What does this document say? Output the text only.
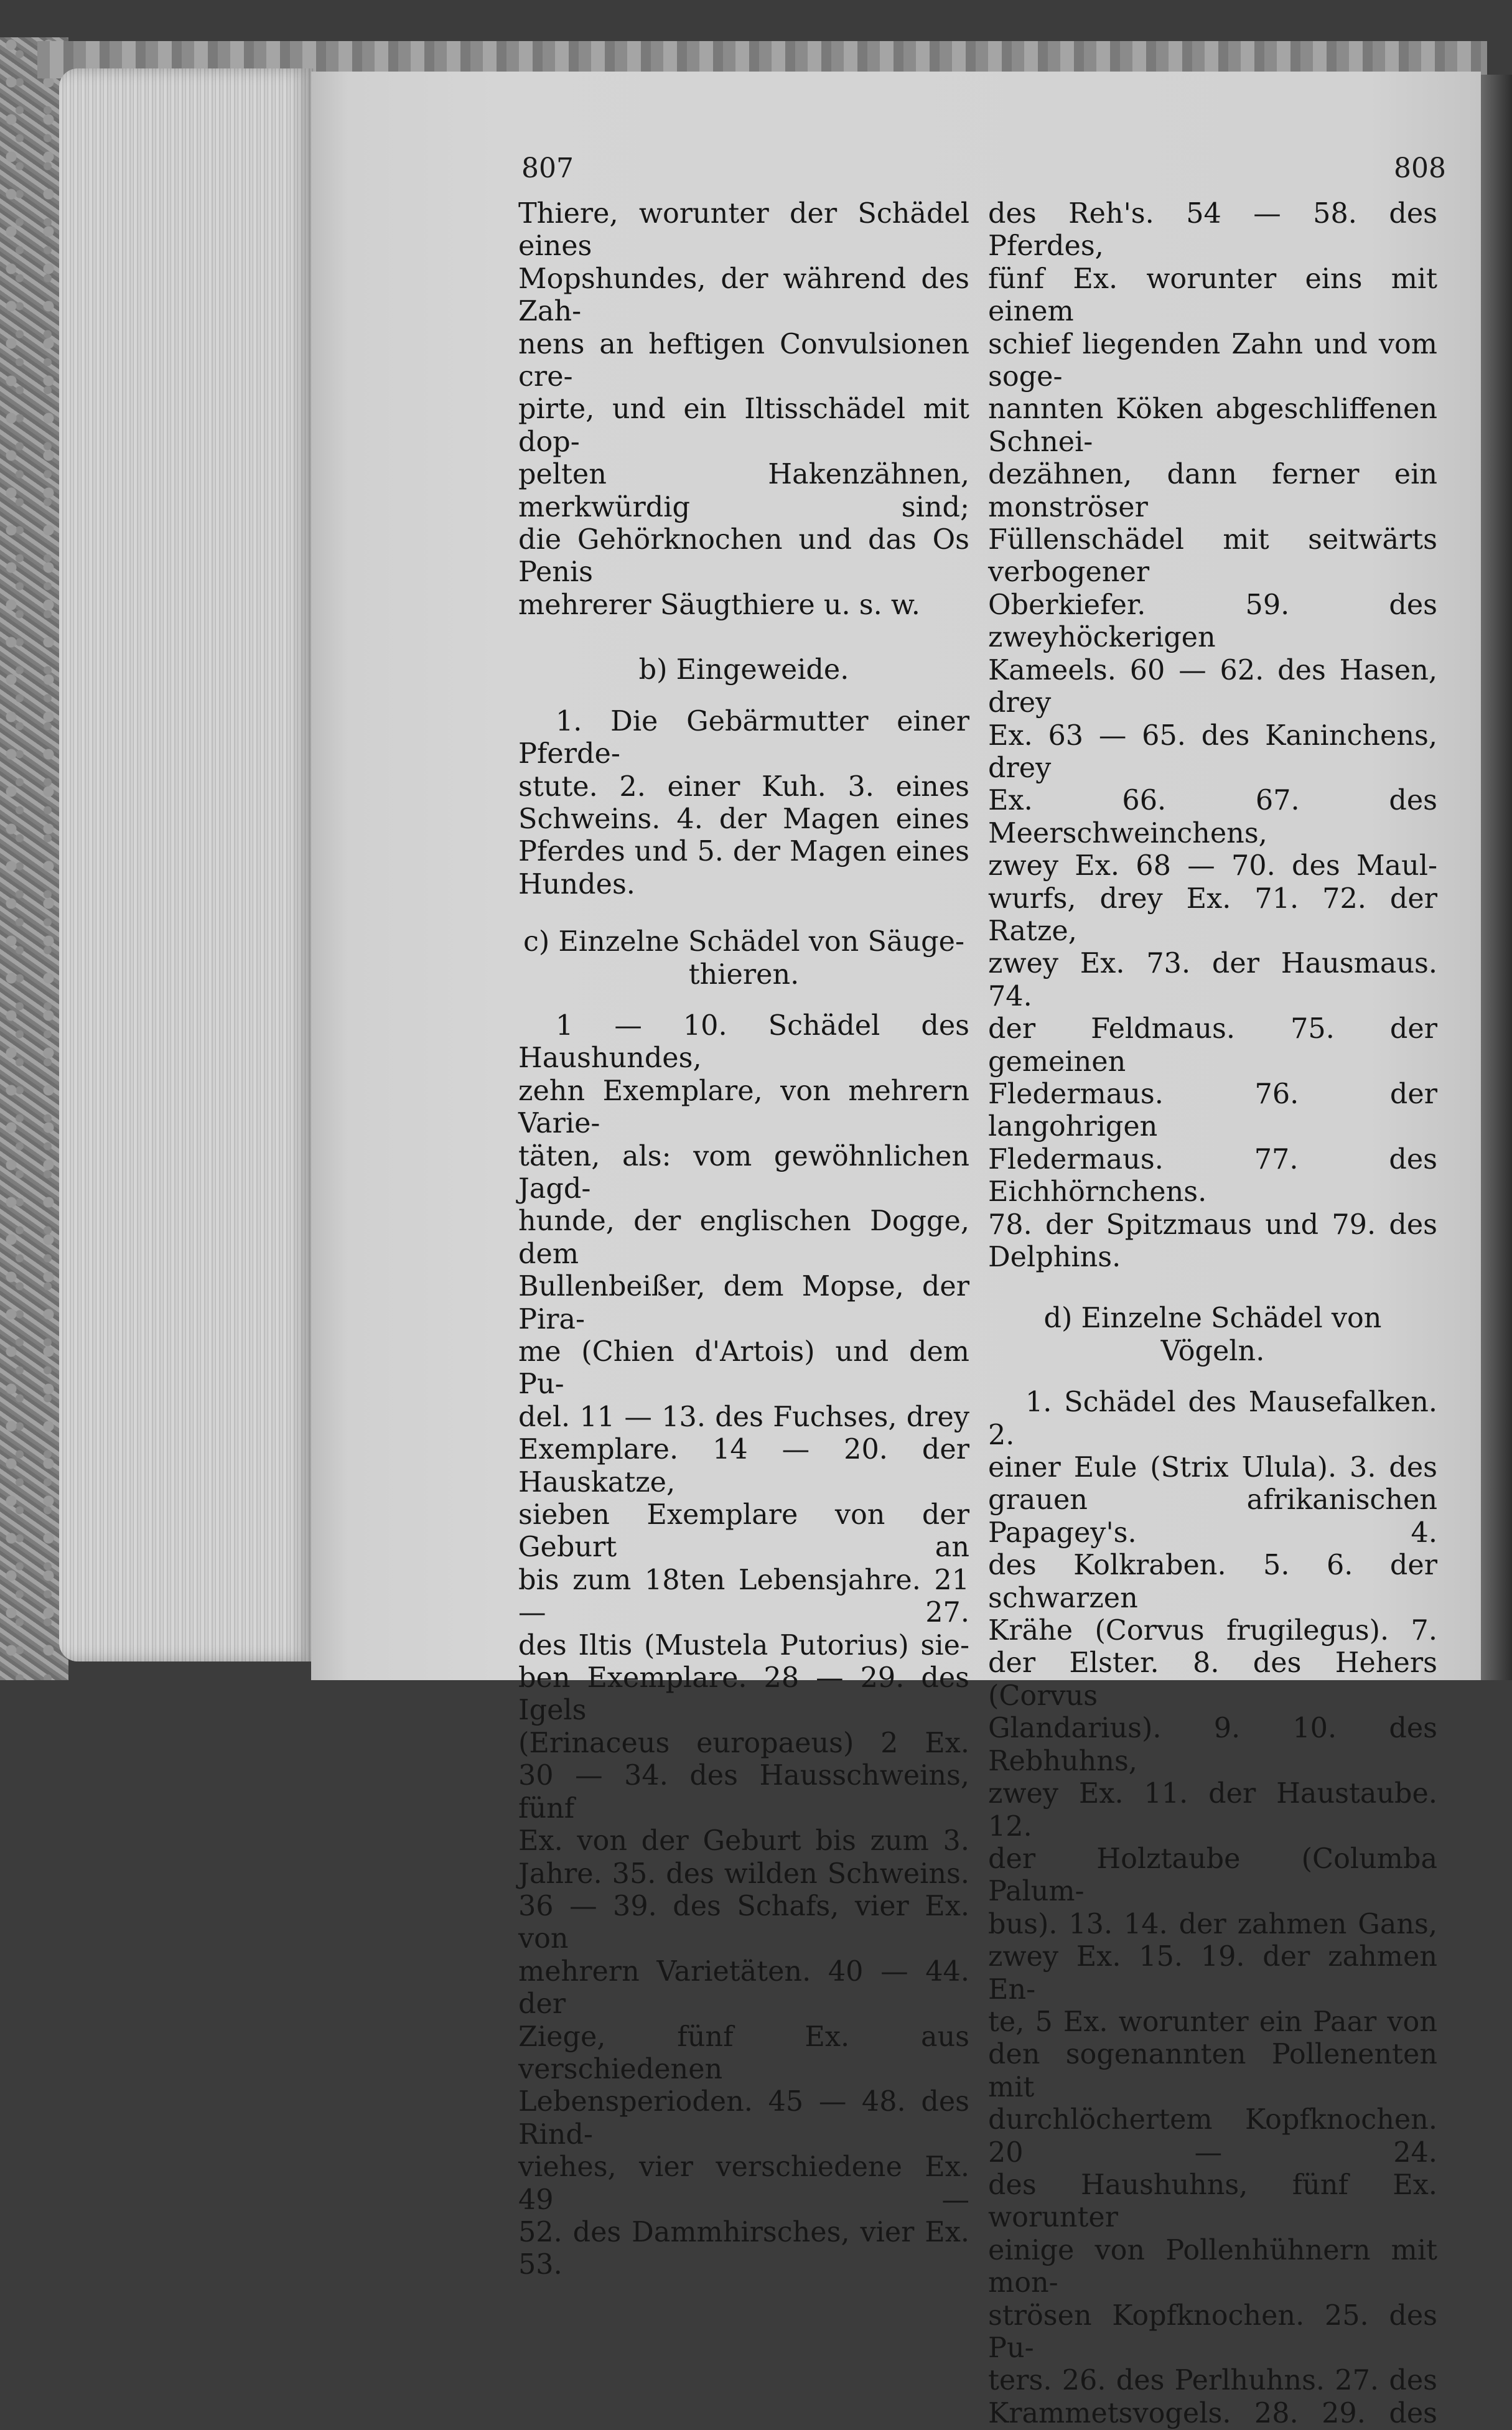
807	808

Thiere, worunter der Schädel eines

Mopshundes, der während des Zah-

nens an heftigen Convulsionen cre-

pirte, und ein Iltisschädel mit dop-

pelten Hakenzähnen, merkwürdig sind;

die Gehörknochen und das Os Penis

mehrerer Säugthiere u. s. w.

b) Eingeweide.

1. Die Gebärmutter einer Pferde-

stute. 2. einer Kuh. 3. eines

Schweins. 4. der Magen eines

Pferdes und 5. der Magen eines

Hundes.

c) Einzelne Schädel von Säuge-

thieren.

1 — 10. Schädel des Haushundes,

zehn Exemplare, von mehrern Varie-

täten, als: vom gewöhnlichen Jagd-

hunde, der englischen Dogge, dem

Bullenbeißer, dem Mopse, der Pira-

me (Chien d'Artois) und dem Pu-

del. 11 — 13. des Fuchses, drey

Exemplare. 14 — 20. der Hauskatze,

sieben Exemplare von der Geburt an

bis zum 18ten Lebensjahre. 21 — 27.

des Iltis (Mustela Putorius) sie-

ben Exemplare. 28 — 29. des Igels

(Erinaceus europaeus) 2 Ex.

30 — 34. des Hausschweins, fünf

Ex. von der Geburt bis zum 3.

Jahre. 35. des wilden Schweins.

36 — 39. des Schafs, vier Ex. von

mehrern Varietäten. 40 — 44. der

Ziege, fünf Ex. aus verschiedenen

Lebensperioden. 45 — 48. des Rind-

viehes, vier verschiedene Ex. 49 —

52. des Dammhirsches, vier Ex. 53.

des Reh's. 54 — 58. des Pferdes,

fünf Ex. worunter eins mit einem

schief liegenden Zahn und vom soge-

nannten Köken abgeschliffenen Schnei-

dezähnen, dann ferner ein monströser

Füllenschädel mit seitwärts verbogener

Oberkiefer. 59. des zweyhöckerigen

Kameels. 60 — 62. des Hasen, drey

Ex. 63 — 65. des Kaninchens, drey

Ex. 66. 67. des Meerschweinchens,

zwey Ex. 68 — 70. des Maul-

wurfs, drey Ex. 71. 72. der Ratze,

zwey Ex. 73. der Hausmaus. 74.

der Feldmaus. 75. der gemeinen

Fledermaus. 76. der langohrigen

Fledermaus. 77. des Eichhörnchens.

78. der Spitzmaus und 79. des

Delphins.

d) Einzelne Schädel von Vögeln.

1. Schädel des Mausefalken. 2.

einer Eule (Strix Ulula). 3. des

grauen afrikanischen Papagey's. 4.

des Kolkraben. 5. 6. der schwarzen

Krähe (Corvus frugilegus). 7.

der Elster. 8. des Hehers (Corvus

Glandarius). 9. 10. des Rebhuhns,

zwey Ex. 11. der Haustaube. 12.

der Holztaube (Columba Palum-

bus). 13. 14. der zahmen Gans,

zwey Ex. 15. 19. der zahmen En-

te, 5 Ex. worunter ein Paar von

den sogenannten Pollenenten mit

durchlöchertem Kopfknochen. 20 — 24.

des Haushuhns, fünf Ex. worunter

einige von Pollenhühnern mit mon-

strösen Kopfknochen. 25. des Pu-

ters. 26. des Perlhuhns. 27. des

Krammetsvogels. 28. 29. des
